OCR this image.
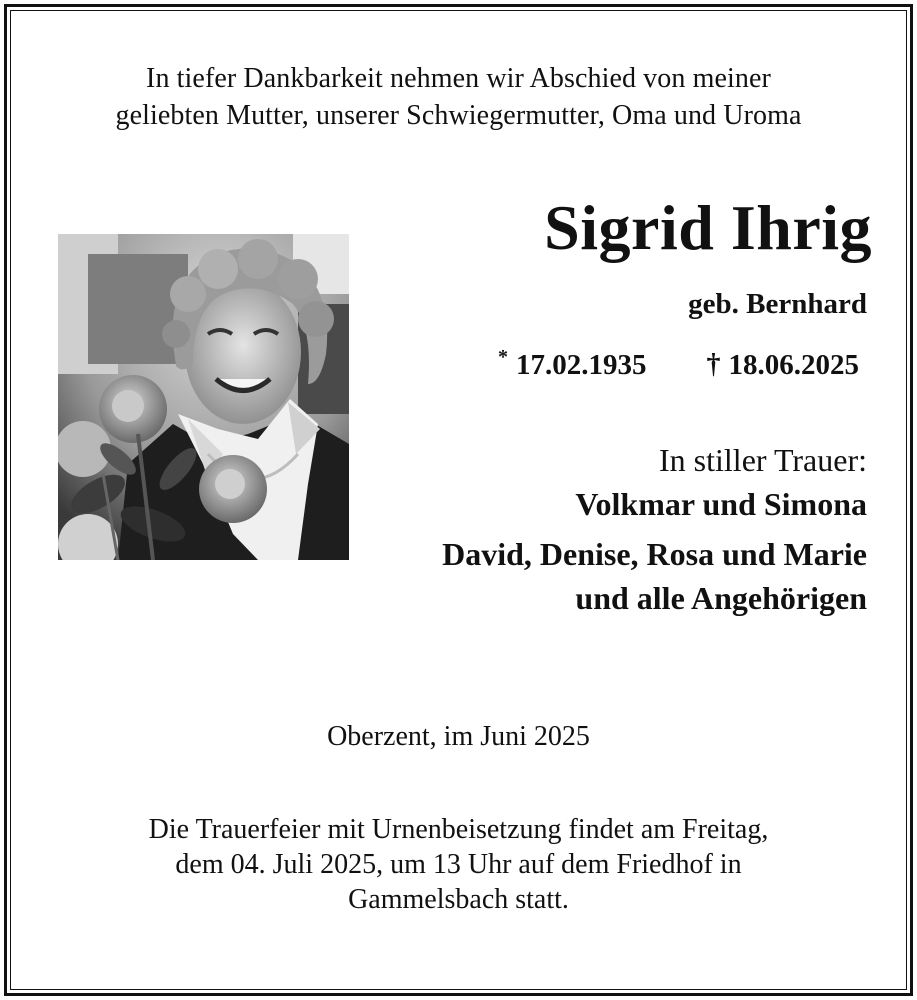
In tiefer Dankbarkeit nehmen wir Abschied von meiner
geliebten Mutter, unserer Schwiegermutter, Oma und Uroma
Sigrid Ihrig
geb. Bernhard
* 17.02.1935 † 18.06.2025
In stiller Trauer:
Volkmar und Simona
David, Denise, Rosa und Marie
und alle Angehörigen
Oberzent, im Juni 2025
Die Trauerfeier mit Urnenbeisetzung findet am Freitag,
dem 04. Juli 2025, um 13 Uhr auf dem Friedhof in
Gammelsbach statt.
